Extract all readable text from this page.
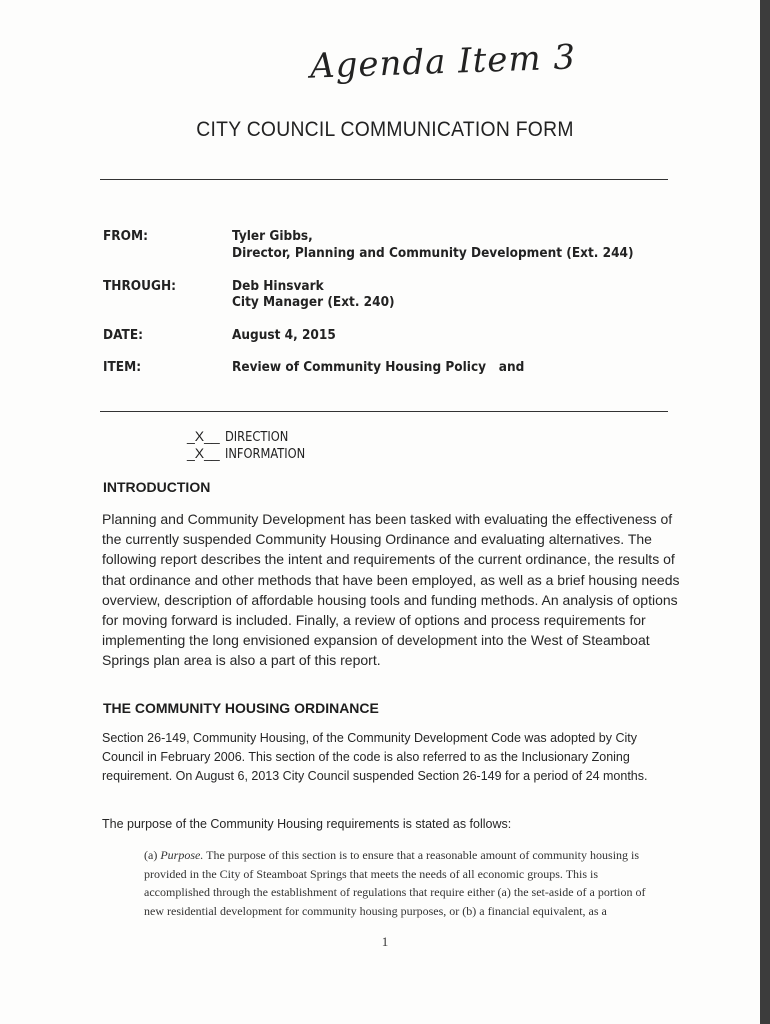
Agenda Item 3
CITY COUNCIL COMMUNICATION FORM
FROM:	Tyler Gibbs,
Director, Planning and Community Development (Ext. 244)
THROUGH:	Deb Hinsvark
City Manager (Ext. 240)
DATE:	August 4, 2015
ITEM:	Review of Community Housing Policy   and
_X__ DIRECTION
_X__ INFORMATION
INTRODUCTION
Planning and Community Development has been tasked with evaluating the effectiveness of the currently suspended Community Housing Ordinance and evaluating alternatives. The following report describes the intent and requirements of the current ordinance, the results of that ordinance and other methods that have been employed, as well as a brief housing needs overview, description of affordable housing tools and funding methods. An analysis of options for moving forward is included. Finally, a review of options and process requirements for implementing the long envisioned expansion of development into the West of Steamboat Springs plan area is also a part of this report.
THE COMMUNITY HOUSING ORDINANCE
Section 26-149, Community Housing, of the Community Development Code was adopted by City Council in February 2006. This section of the code is also referred to as the Inclusionary Zoning requirement. On August 6, 2013 City Council suspended Section 26-149 for a period of 24 months.
The purpose of the Community Housing requirements is stated as follows:
(a) Purpose. The purpose of this section is to ensure that a reasonable amount of community housing is provided in the City of Steamboat Springs that meets the needs of all economic groups. This is accomplished through the establishment of regulations that require either (a) the set-aside of a portion of new residential development for community housing purposes, or (b) a financial equivalent, as a
1
